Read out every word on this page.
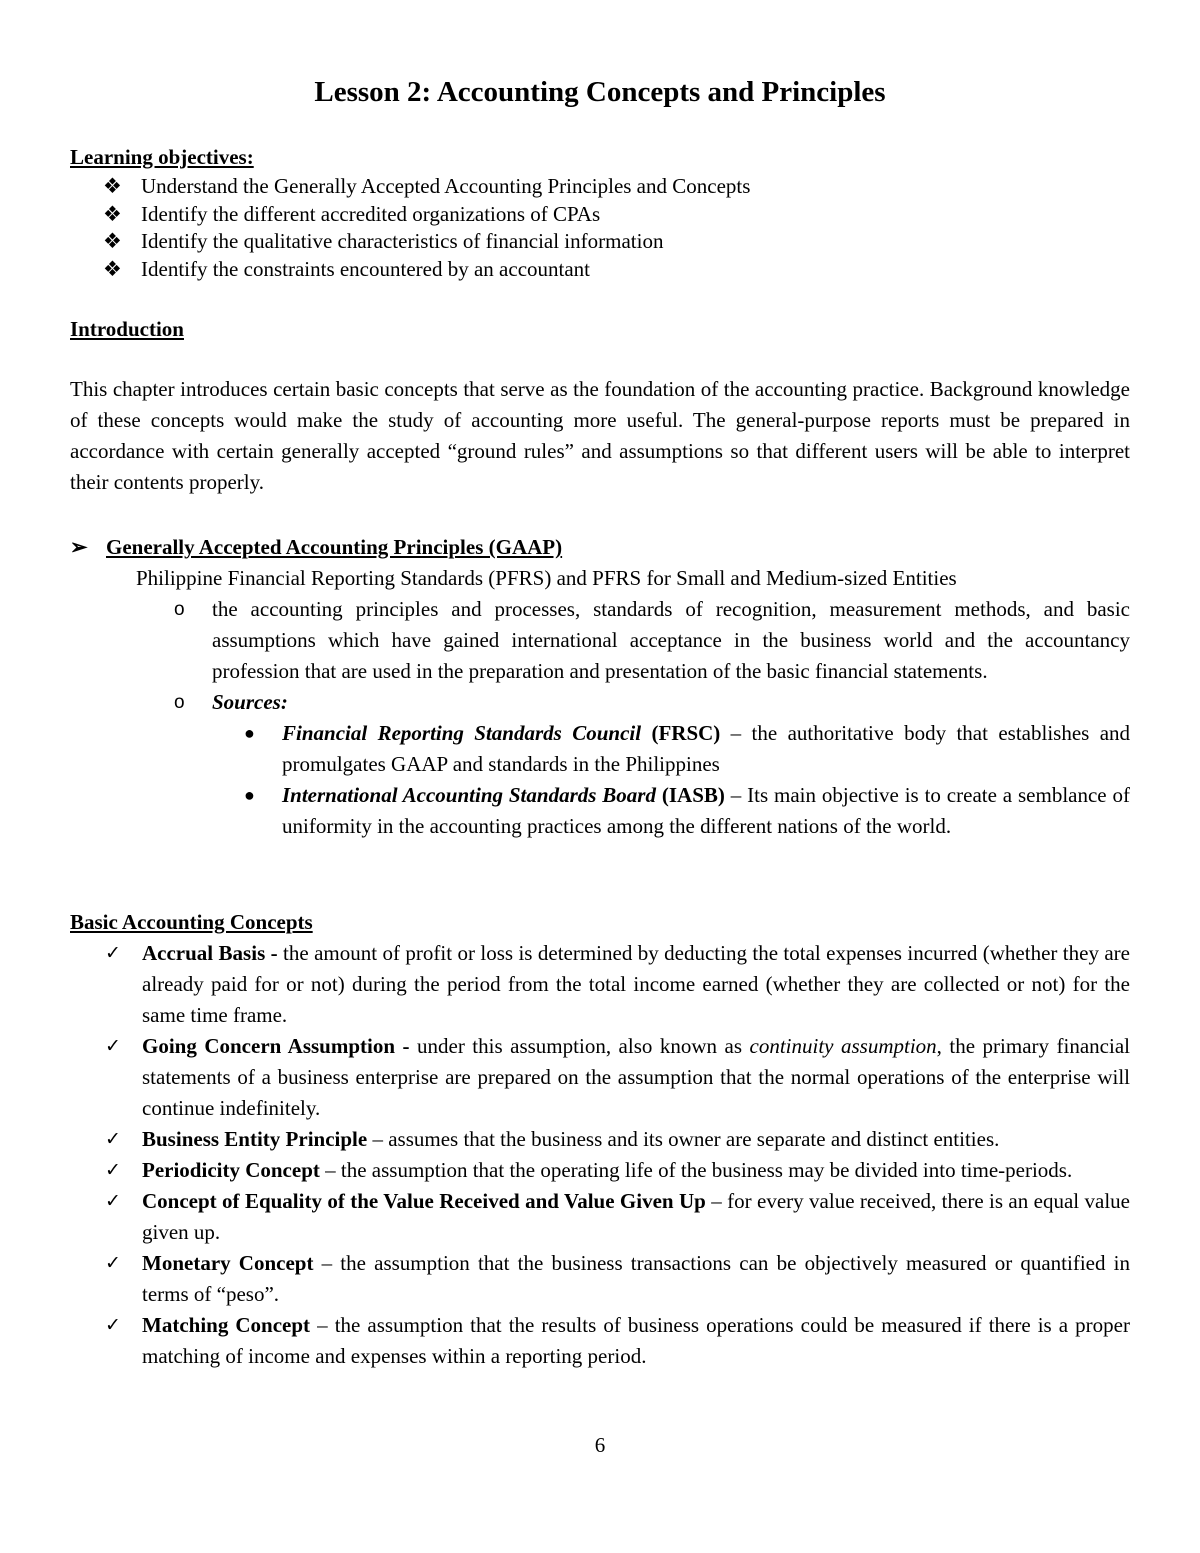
Lesson 2: Accounting Concepts and Principles

Learning objectives:

❖ Understand the Generally Accepted Accounting Principles and Concepts
❖ Identify the different accredited organizations of CPAs
❖ Identify the qualitative characteristics of financial information
❖ Identify the constraints encountered by an accountant

Introduction

This chapter introduces certain basic concepts that serve as the foundation of the accounting practice. Background knowledge of these concepts would make the study of accounting more useful. The general-purpose reports must be prepared in accordance with certain generally accepted “ground rules” and assumptions so that different users will be able to interpret their contents properly.

➢ Generally Accepted Accounting Principles (GAAP)

Philippine Financial Reporting Standards (PFRS) and PFRS for Small and Medium-sized Entities

o the accounting principles and processes, standards of recognition, measurement methods, and basic assumptions which have gained international acceptance in the business world and the accountancy profession that are used in the preparation and presentation of the basic financial statements.
o Sources:
● Financial Reporting Standards Council (FRSC) – the authoritative body that establishes and promulgates GAAP and standards in the Philippines
● International Accounting Standards Board (IASB) – Its main objective is to create a semblance of uniformity in the accounting practices among the different nations of the world.

Basic Accounting Concepts

✓ Accrual Basis - the amount of profit or loss is determined by deducting the total expenses incurred (whether they are already paid for or not) during the period from the total income earned (whether they are collected or not) for the same time frame.
✓ Going Concern Assumption - under this assumption, also known as continuity assumption, the primary financial statements of a business enterprise are prepared on the assumption that the normal operations of the enterprise will continue indefinitely.
✓ Business Entity Principle – assumes that the business and its owner are separate and distinct entities.
✓ Periodicity Concept – the assumption that the operating life of the business may be divided into time-periods.
✓ Concept of Equality of the Value Received and Value Given Up – for every value received, there is an equal value given up.
✓ Monetary Concept – the assumption that the business transactions can be objectively measured or quantified in terms of “peso”.
✓ Matching Concept – the assumption that the results of business operations could be measured if there is a proper matching of income and expenses within a reporting period.

6
